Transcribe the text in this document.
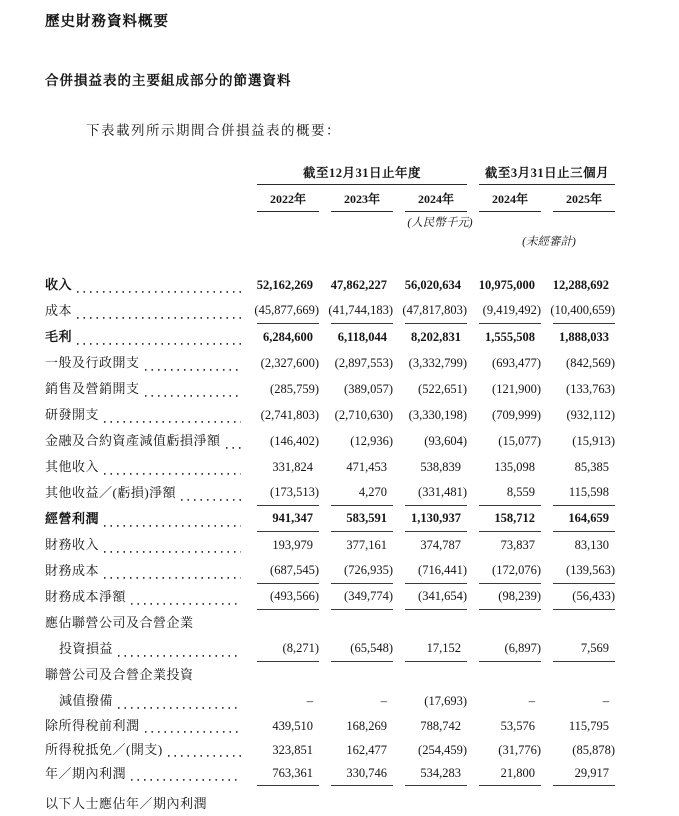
歷史財務資料概要
合併損益表的主要組成部分的節選資料
下表載列所示期間合併損益表的概要：
截至12月31日止年度	截至3月31日止三個月
2022年	2023年	2024年	2024年	2025年
(人民幣千元)
(未經審計)
收入	52,162,269	47,862,227	56,020,634	10,975,000	12,288,692
成本	(45,877,669) (41,744,183) (47,817,803) (9,419,492) (10,400,659)
毛利	6,284,600	6,118,044	8,202,831	1,555,508	1,888,033
一般及行政開支	(2,327,600) (2,897,553) (3,332,799)	(693,477)	(842,569)
銷售及營銷開支	(285,759)	(389,057)	(522,651)	(121,900)	(133,763)
研發開支	(2,741,803) (2,710,630) (3,330,198)	(709,999)	(932,112)
金融及合約資產減值虧損淨額	(146,402)	(12,936)	(93,604)	(15,077)	(15,913)
其他收入	331,824	471,453	538,839	135,098	85,385
其他收益／(虧損)淨額	(173,513)	4,270	(331,481)	8,559	115,598
經營利潤	941,347	583,591	1,130,937	158,712	164,659
財務收入	193,979	377,161	374,787	73,837	83,130
財務成本	(687,545)	(726,935)	(716,441)	(172,076)	(139,563)
財務成本淨額	(493,566)	(349,774)	(341,654)	(98,239)	(56,433)
應佔聯營公司及合營企業
投資損益	(8,271)	(65,548)	17,152	(6,897)	7,569
聯營公司及合營企業投資
減值撥備	–	–	(17,693)	–	–
除所得稅前利潤	439,510	168,269	788,742	53,576	115,795
所得稅抵免／(開支)	323,851	162,477	(254,459)	(31,776)	(85,878)
年／期內利潤	763,361	330,746	534,283	21,800	29,917
以下人士應佔年／期內利潤
